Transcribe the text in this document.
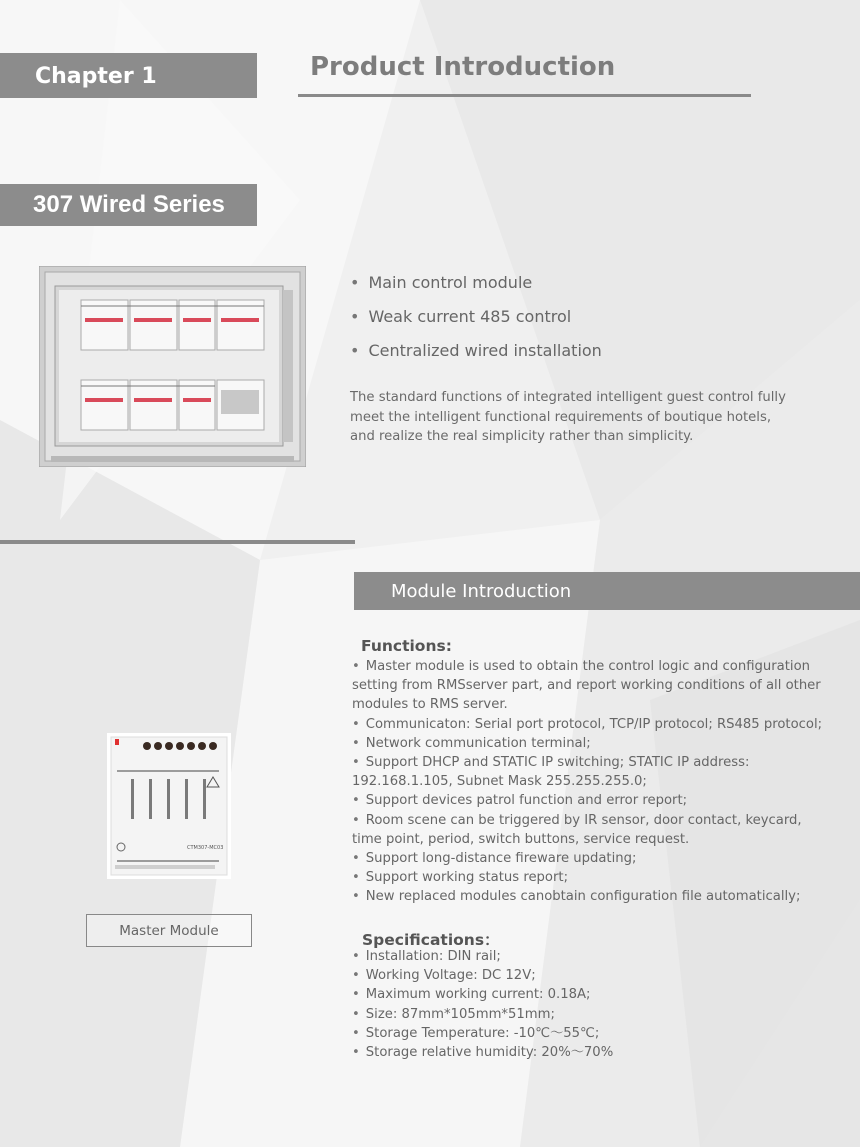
Chapter 1	Product Introduction
307 Wired Series
• Main control module
• Weak current 485 control
• Centralized wired installation
The standard functions of integrated intelligent guest control fully meet the intelligent functional requirements of boutique hotels, and realize the real simplicity rather than simplicity.
Module Introduction
CTM307-MC03
Master Module
Functions:
• Master module is used to obtain the control logic and configuration setting from RMSserver part, and report working conditions of all other modules to RMS server.
• Communicaton: Serial port protocol, TCP/IP protocol; RS485 protocol;
• Network communication terminal;
• Support DHCP and STATIC IP switching; STATIC IP address: 192.168.1.105, Subnet Mask 255.255.255.0;
• Support devices patrol function and error report;
• Room scene can be triggered by IR sensor, door contact, keycard, time point, period, switch buttons, service request.
• Support long-distance fireware updating;
• Support working status report;
• New replaced modules canobtain configuration file automatically;
Specifications：
• Installation: DIN rail;
• Working Voltage: DC 12V;
• Maximum working current: 0.18A;
• Size: 87mm*105mm*51mm;
• Storage Temperature: -10℃～55℃;
• Storage relative humidity: 20%～70%
